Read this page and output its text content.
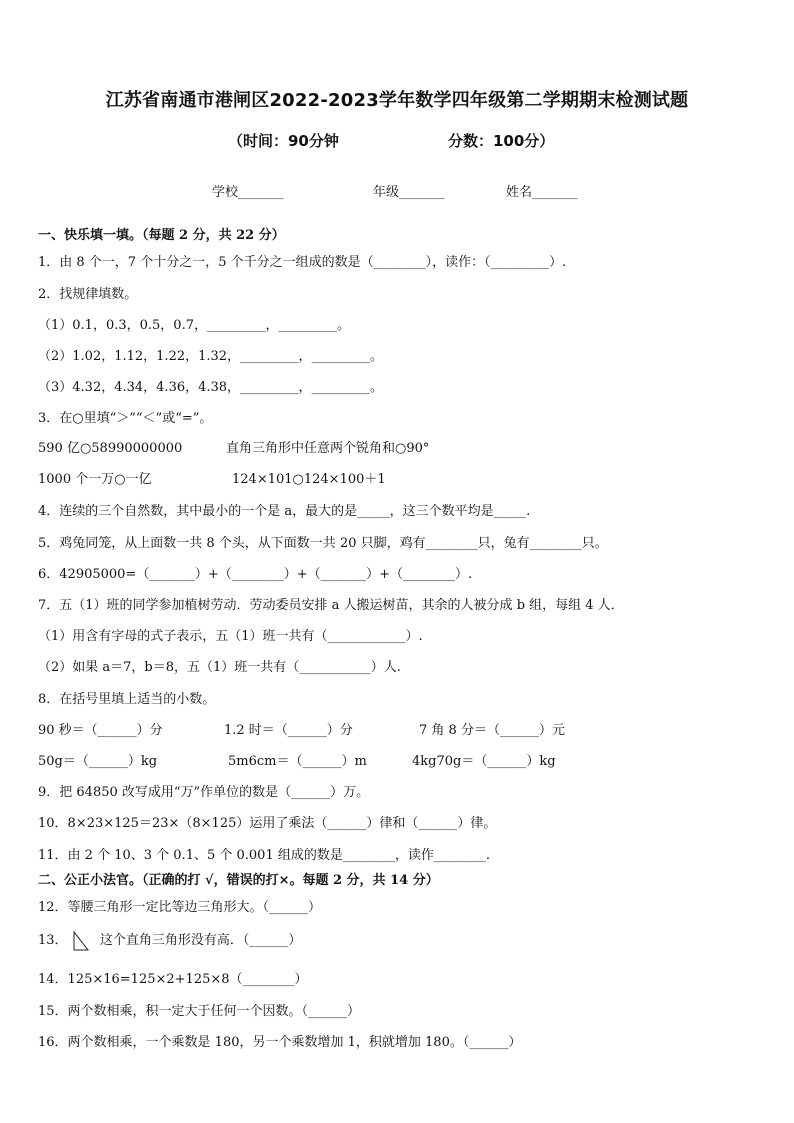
江苏省南通市港闸区2022-2023学年数学四年级第二学期期末检测试题
（时间：90分钟	分数：100分）
学校_______	年级_______	姓名_______
一、快乐填一填。（每题 2 分，共 22 分）
1．由 8 个一，7 个十分之一，5 个千分之一组成的数是（________），读作：（_________）.
2．找规律填数。
（1）0.1，0.3，0.5，0.7，_________，_________。
（2）1.02，1.12，1.22，1.32，_________，_________。
（3）4.32，4.34，4.36，4.38，_________，_________。
3．在○里填“＞”“＜”或“=”。
590 亿○58990000000	直角三角形中任意两个锐角和○90°
1000 个一万○一亿	124×101○124×100＋1
4．连续的三个自然数，其中最小的一个是 a，最大的是_____，这三个数平均是_____.
5．鸡兔同笼，从上面数一共 8 个头，从下面数一共 20 只脚，鸡有________只，兔有________只。
6．42905000=（_______）+（________）+（_______）+（________）.
7．五（1）班的同学参加植树劳动．劳动委员安排 a 人搬运树苗，其余的人被分成 b 组，每组 4 人．
（1）用含有字母的式子表示，五（1）班一共有（____________）.
（2）如果 a＝7，b＝8，五（1）班一共有（___________）人.
8．在括号里填上适当的小数。
90 秒＝（______）分	1.2 时＝（______）分	7 角 8 分＝（______）元
50g＝（______）kg	5m6cm＝（______）m	4kg70g＝（______）kg
9．把 64850 改写成用“万”作单位的数是（______）万。
10．8×23×125＝23×（8×125）运用了乘法（______）律和（______）律。
11．由 2 个 10、3 个 0.1、5 个 0.001 组成的数是________，读作________.
二、公正小法官。（正确的打 √，错误的打×。每题 2 分，共 14 分）
12．等腰三角形一定比等边三角形大。（______）
13． 这个直角三角形没有高．（______）
14．125×16=125×2+125×8（________）
15．两个数相乘，积一定大于任何一个因数。（______）
16．两个数相乘，一个乘数是 180，另一个乘数增加 1，积就增加 180。（______）
